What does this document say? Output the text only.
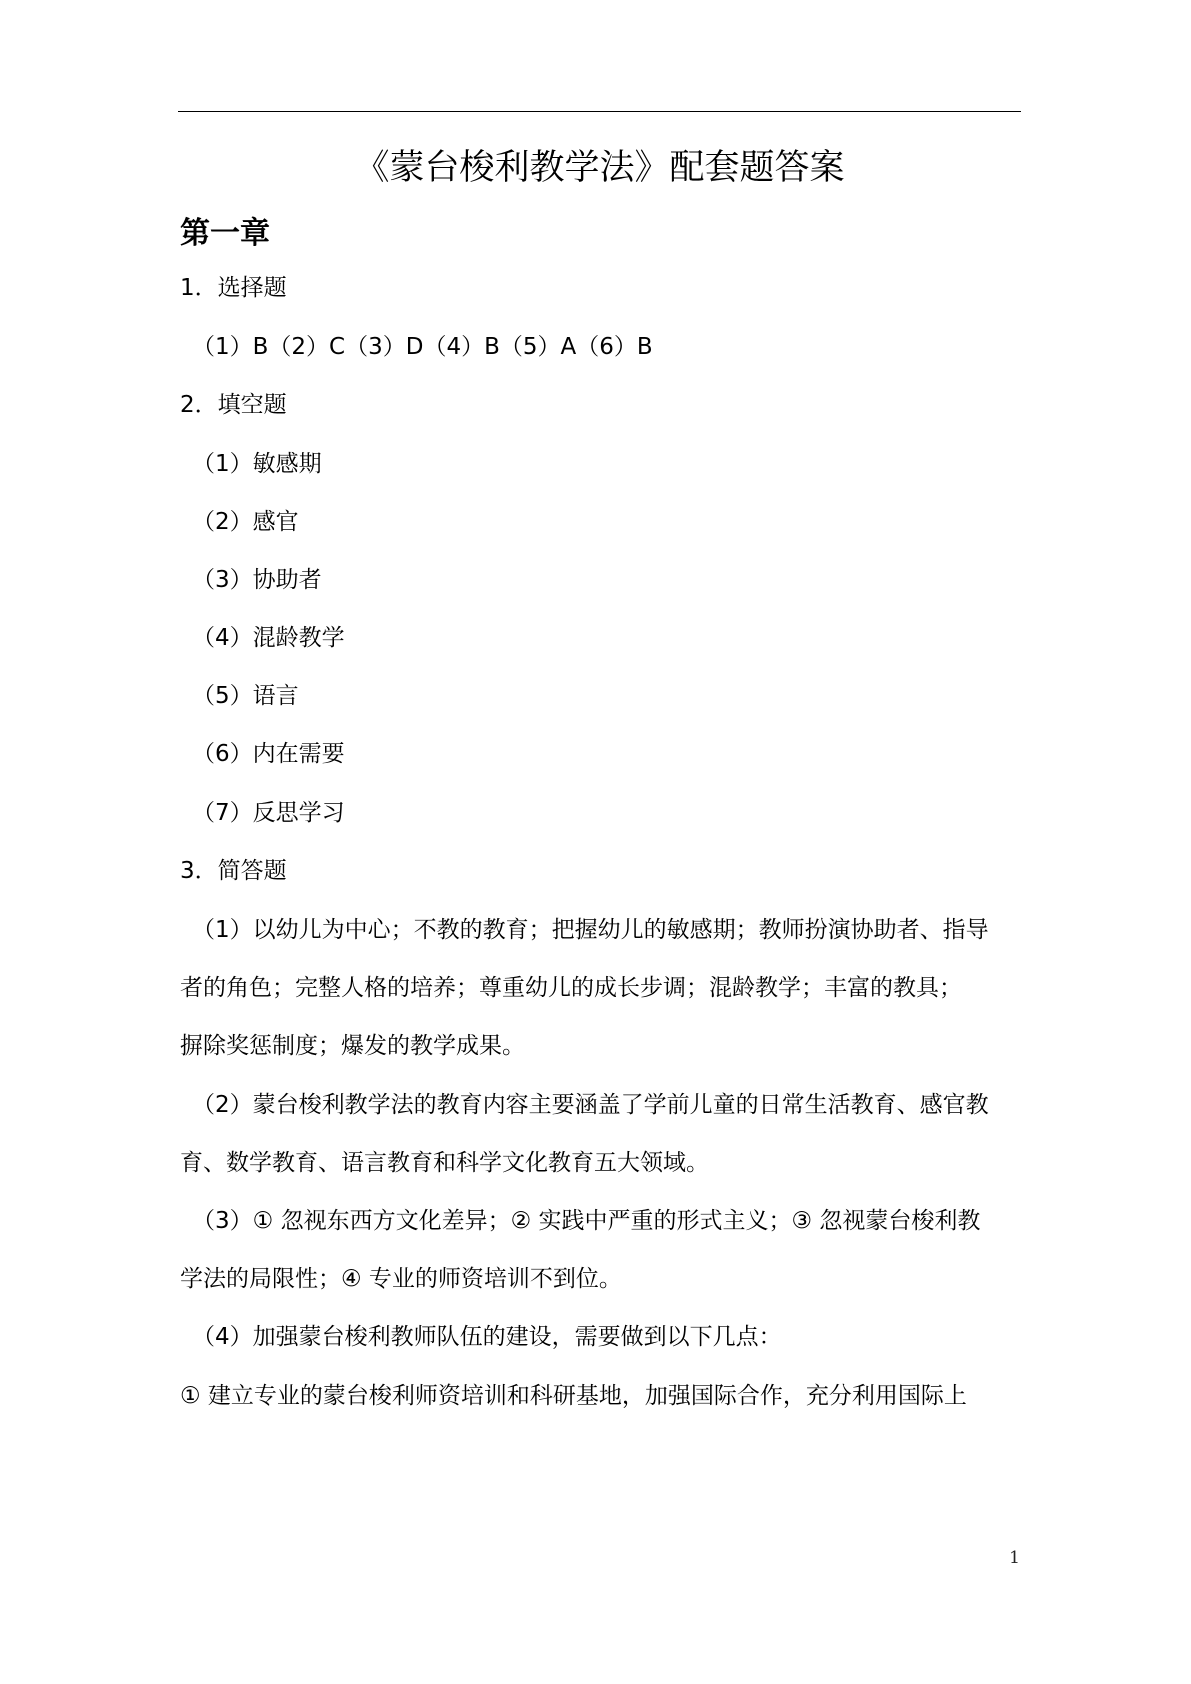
《蒙台梭利教学法》配套题答案
第一章

1．选择题

（1）B（2）C（3）D（4）B（5）A（6）B

2．填空题

（1）敏感期

（2）感官

（3）协助者

（4）混龄教学

（5）语言

（6）内在需要

（7）反思学习

3．简答题

（1）以幼儿为中心；不教的教育；把握幼儿的敏感期；教师扮演协助者、指导

者的角色；完整人格的培养；尊重幼儿的成长步调；混龄教学；丰富的教具；

摒除奖惩制度；爆发的教学成果。

（2）蒙台梭利教学法的教育内容主要涵盖了学前儿童的日常生活教育、感官教

育、数学教育、语言教育和科学文化教育五大领域。

（3）① 忽视东西方文化差异；② 实践中严重的形式主义；③ 忽视蒙台梭利教

学法的局限性；④ 专业的师资培训不到位。

（4）加强蒙台梭利教师队伍的建设，需要做到以下几点：

① 建立专业的蒙台梭利师资培训和科研基地，加强国际合作，充分利用国际上

1
